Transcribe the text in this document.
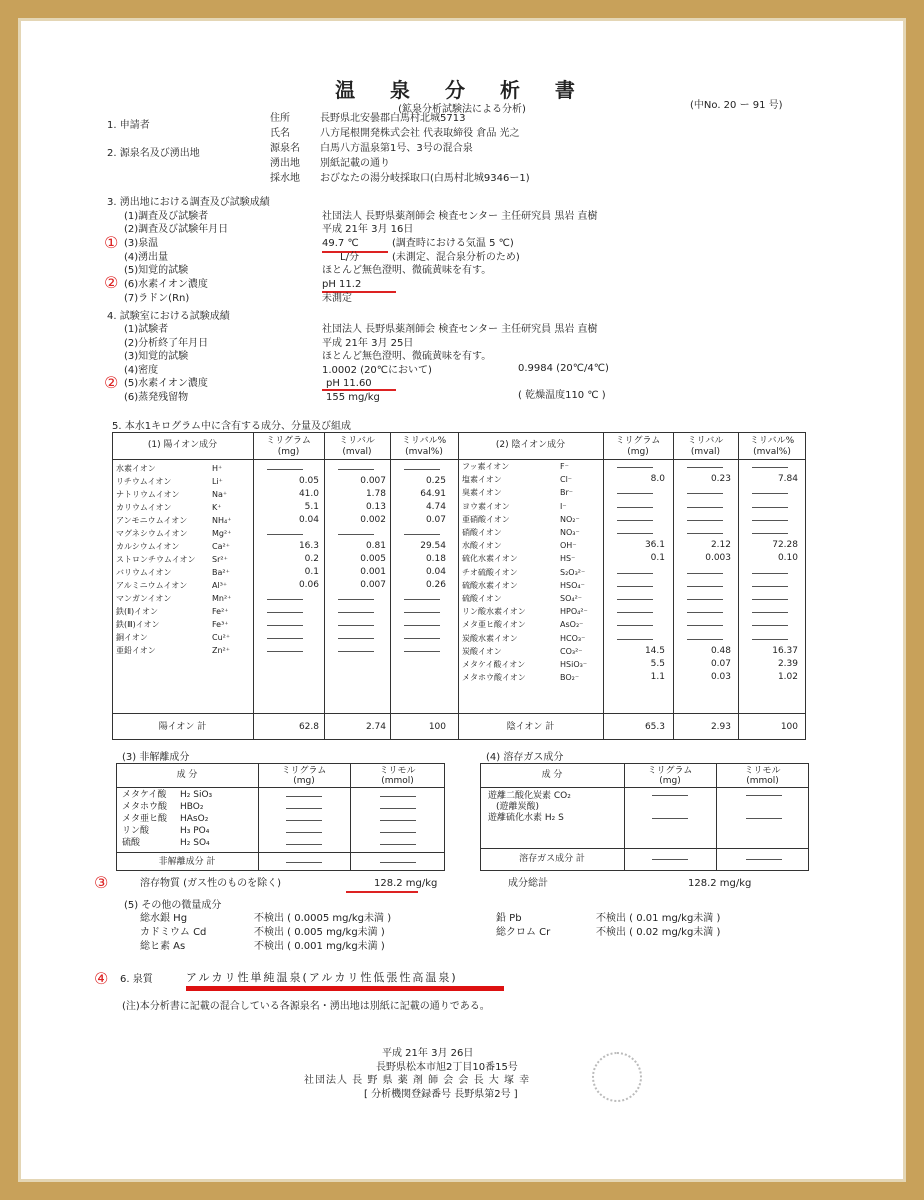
温 泉 分 析 書
(鉱泉分析試験法による分析)	(中No. 20 ー 91 号)
1. 申請者
住所	長野県北安曇郡白馬村北城5713
氏名	八方尾根開発株式会社 代表取締役 倉品 光之
2. 源泉名及び湧出地	源泉名 白馬八方温泉第1号、3号の混合泉
湧出地 別紙記載の通り
採水地 おびなたの湯分岐採取口(白馬村北城9346ー1)
3. 湧出地における調査及び試験成績
(1)調査及び試験者	社団法人 長野県薬剤師会 検査センター 主任研究員 黒岩 直樹
(2)調査及び試験年月日	平成 21年 3月 16日
① (3)泉温	49.7 ℃	(調査時における気温 5 ℃)
(4)湧出量	L/分	(未測定、混合泉分析のため)
(5)知覚的試験	ほとんど無色澄明、微硫黄味を有す。
② (6)水素イオン濃度	pH 11.2
(7)ラドン(Rn)	未測定
4. 試験室における試験成績
(1)試験者	社団法人 長野県薬剤師会 検査センター 主任研究員 黒岩 直樹
(2)分析終了年月日	平成 21年 3月 25日
(3)知覚的試験	ほとんど無色澄明、微硫黄味を有す。
(4)密度	1.0002 (20℃において)	0.9984 (20℃/4℃)
② (5)水素イオン濃度	pH 11.60
(6)蒸発残留物	155 mg/kg	( 乾燥温度110 ℃ )
5. 本水1キログラム中に含有する成分、分量及び組成
(1) 陽イオン成分	ミリグラム
(mg)
ミリバル
(mval)
ミリバル%
(mval%)
(2) 陰イオン成分	ミリグラム
(mg)
ミリバル
(mval)
ミリバル%
(mval%)
水素イオン	H⁺
リチウムイオン	Li⁺	0.05	0.007	0.25
ナトリウムイオン	Na⁺	41.0	1.78	64.91
カリウムイオン	K⁺	5.1	0.13	4.74
アンモニウムイオン	NH₄⁺	0.04	0.002	0.07
マグネシウムイオン	Mg²⁺
カルシウムイオン	Ca²⁺	16.3	0.81	29.54
ストロンチウムイオン Sr²⁺	0.2	0.005	0.18
バリウムイオン	Ba²⁺	0.1	0.001	0.04
アルミニウムイオン	Al³⁺	0.06	0.007	0.26
マンガンイオン	Mn²⁺
鉄(Ⅱ)イオン	Fe²⁺
鉄(Ⅲ)イオン	Fe³⁺
銅イオン	Cu²⁺
亜鉛イオン	Zn²⁺
フッ素イオン	F⁻
塩素イオン	Cl⁻	8.0	0.23	7.84
臭素イオン	Br⁻
ヨウ素イオン	I⁻
亜硝酸イオン	NO₂⁻
硝酸イオン	NO₃⁻
水酸イオン	OH⁻	36.1	2.12	72.28
硫化水素イオン	HS⁻	0.1	0.003	0.10
チオ硫酸イオン	S₂O₃²⁻
硫酸水素イオン	HSO₄⁻
硫酸イオン	SO₄²⁻
リン酸水素イオン	HPO₄²⁻
メタ亜ヒ酸イオン	AsO₂⁻
炭酸水素イオン	HCO₃⁻
炭酸イオン	CO₃²⁻	14.5	0.48	16.37
メタケイ酸イオン	HSiO₃⁻	5.5	0.07	2.39
メタホウ酸イオン	BO₂⁻	1.1	0.03	1.02
陽イオン 計	62.8	2.74	100	陰イオン 計	65.3	2.93	100
(3) 非解離成分
成 分	ミリグラム
(mg)
ミリモル
(mmol)
メタケイ酸 H₂ SiO₃
メタホウ酸 HBO₂
メタ亜ヒ酸 HAsO₂
リン酸	H₃ PO₄
硫酸	H₂ SO₄
非解離成分 計
(4) 溶存ガス成分
成 分	ミリグラム
(mg)
ミリモル
(mmol)
遊離二酸化炭素 CO₂
(遊離炭酸)
遊離硫化水素 H₂ S
溶存ガス成分 計
③	溶存物質 (ガス性のものを除く)	128.2 mg/kg	成分総計	128.2 mg/kg
(5) その他の微量成分
総水銀 Hg	不検出 ( 0.0005 mg/kg未満 )
カドミウム Cd	不検出 ( 0.005 mg/kg未満 )
総ヒ素 As	不検出 ( 0.001 mg/kg未満 )
鉛 Pb	不検出 ( 0.01 mg/kg未満 )
総クロム Cr	不検出 ( 0.02 mg/kg未満 )
④ 6. 泉質	アルカリ性単純温泉(アルカリ性低張性高温泉)
(注)本分析書に記載の混合している各源泉名・湧出地は別紙に記載の通りである。
平成 21年 3月 26日
長野県松本市旭2丁目10番15号
社団法人 長 野 県 薬 剤 師 会 会 長 大 塚 幸
[ 分析機関登録番号 長野県第2号 ]
